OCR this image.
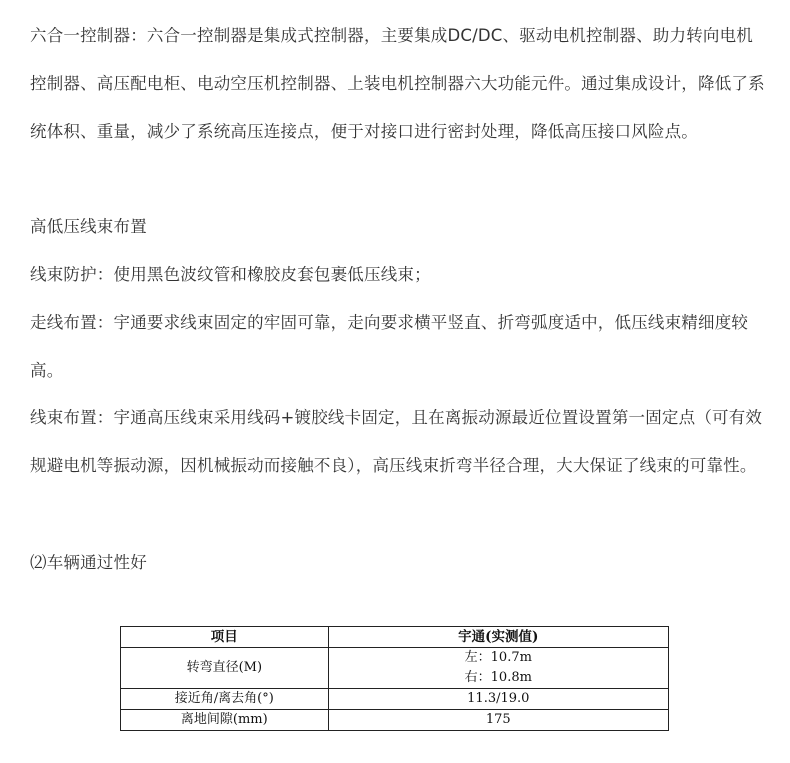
六合一控制器：六合一控制器是集成式控制器，主要集成DC/DC、驱动电机控制器、助力转向电机控制器、高压配电柜、电动空压机控制器、上装电机控制器六大功能元件。通过集成设计，降低了系统体积、重量，减少了系统高压连接点，便于对接口进行密封处理，降低高压接口风险点。

高低压线束布置

线束防护：使用黑色波纹管和橡胶皮套包裹低压线束；

走线布置：宇通要求线束固定的牢固可靠，走向要求横平竖直、折弯弧度适中，低压线束精细度较高。

线束布置：宇通高压线束采用线码+镀胶线卡固定，且在离振动源最近位置设置第一固定点（可有效规避电机等振动源，因机械振动而接触不良），高压线束折弯半径合理，大大保证了线束的可靠性。

⑵车辆通过性好

项目	宇通(实测值)
转弯直径(M)	左：10.7m
右：10.8m

接近角/离去角(°)	11.3/19.0
离地间隙(mm)	175
